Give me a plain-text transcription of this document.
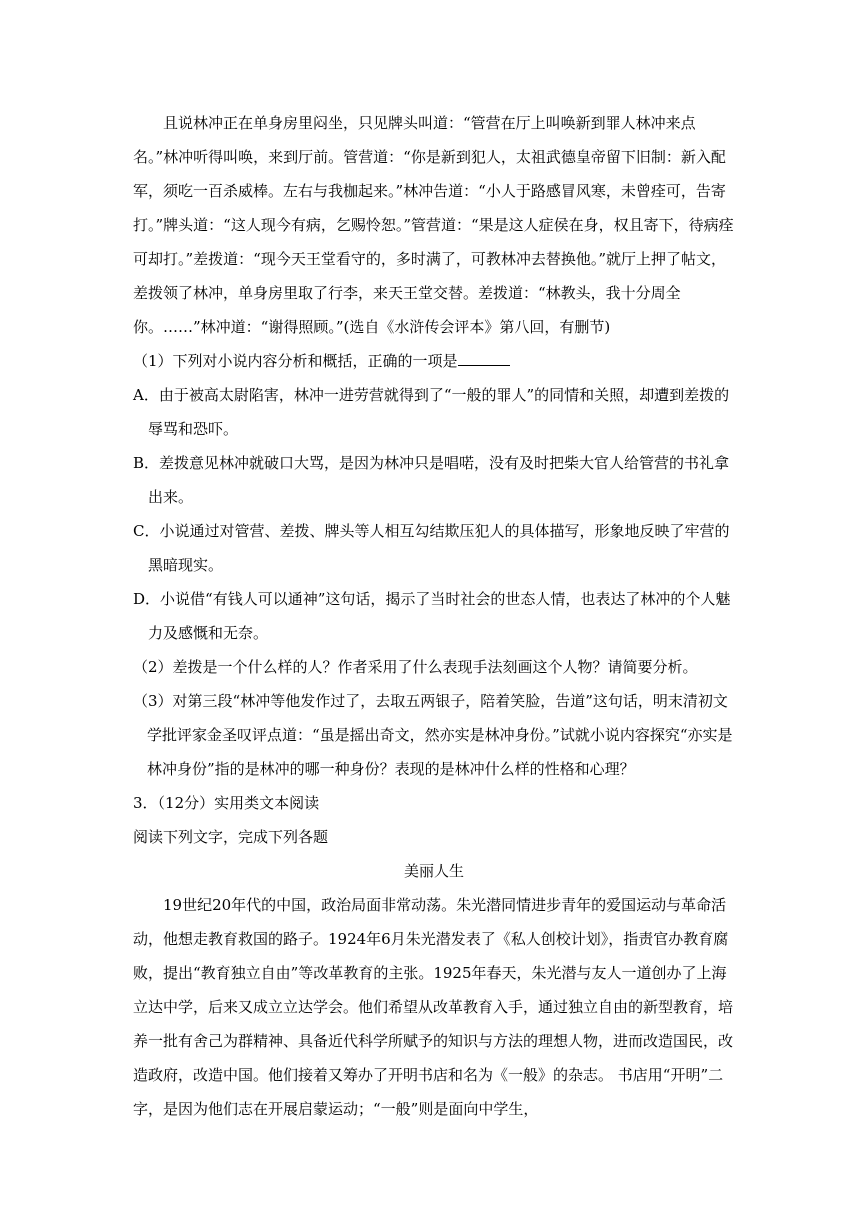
且说林冲正在单身房里闷坐，只见牌头叫道：“管营在厅上叫唤新到罪人林冲来点名。”林冲听得叫唤，来到厅前。管营道：“你是新到犯人，太祖武德皇帝留下旧制：新入配军，须吃一百杀威棒。左右与我枷起来。”林冲告道：“小人于路感冒风寒，未曾痊可，告寄打。”牌头道：“这人现今有病，乞赐怜恕。”管营道：“果是这人症侯在身，权且寄下，待病痊可却打。”差拨道：“现今天王堂看守的，多时满了，可教林冲去替换他。”就厅上押了帖文，差拨领了林冲，单身房里取了行李，来天王堂交替。差拨道：“林教头，我十分周全你。……”林冲道：“谢得照顾。”(选自《水浒传会评本》第八回，有删节)

（1）下列对小说内容分析和概括，正确的一项是

A．由于被高太尉陷害，林冲一进劳营就得到了“一般的罪人”的同情和关照，却遭到差拨的辱骂和恐吓。

B．差拨意见林冲就破口大骂，是因为林冲只是唱喏，没有及时把柴大官人给管营的书礼拿出来。

C．小说通过对管营、差拨、牌头等人相互勾结欺压犯人的具体描写，形象地反映了牢营的黑暗现实。

D．小说借“有钱人可以通神”这句话，揭示了当时社会的世态人情，也表达了林冲的个人魅力及感慨和无奈。

（2）差拨是一个什么样的人？作者采用了什么表现手法刻画这个人物？请简要分析。

（3）对第三段“林冲等他发作过了，去取五两银子，陪着笑脸，告道”这句话，明末清初文学批评家金圣叹评点道：“虽是摇出奇文，然亦实是林冲身份。”试就小说内容探究“亦实是林冲身份”指的是林冲的哪一种身份？表现的是林冲什么样的性格和心理？

3．（12分）实用类文本阅读

阅读下列文字，完成下列各题

美丽人生

19世纪20年代的中国，政治局面非常动荡。朱光潜同情进步青年的爱国运动与革命活动，他想走教育救国的路子。1924年6月朱光潜发表了《私人创校计划》，指责官办教育腐败，提出“教育独立自由”等改革教育的主张。1925年春天，朱光潜与友人一道创办了上海立达中学，后来又成立立达学会。他们希望从改革教育入手，通过独立自由的新型教育，培养一批有舍己为群精神、具备近代科学所赋予的知识与方法的理想人物，进而改造国民，改造政府，改造中国。他们接着又筹办了开明书店和名为《一般》的杂志。 书店用“开明”二字，是因为他们志在开展启蒙运动；“一般”则是面向中学生，
